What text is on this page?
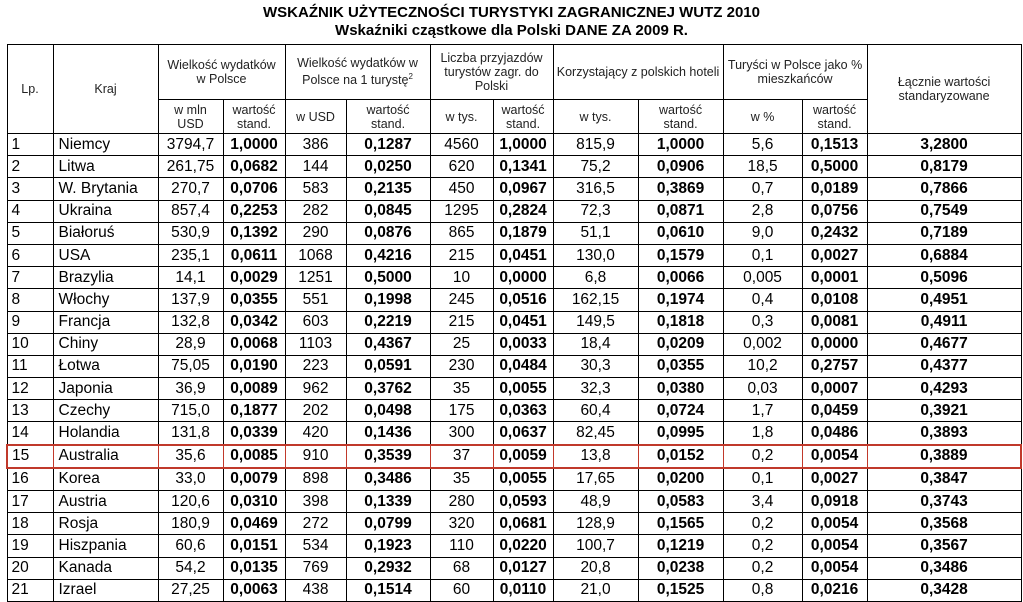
WSKAŹNIK UŻYTECZNOŚCI TURYSTYKI ZAGRANICZNEJ WUTZ 2010
Wskaźniki cząstkowe dla Polski DANE ZA 2009 R.
Lp.	Kraj	Wielkość wydatków w Polsce		Wielkość wydatków w Polsce na 1 turystę$^2$		Liczba przyjazdów turystów zagr. do Polski		Korzystający z polskich hoteli		Turyści w Polsce jako % mieszkańców		Łącznie wartości standaryzowane
		w mln USD	wartość stand.	w USD	wartość stand.	w tys.	wartość stand.	w tys.	wartość stand.	w %	wartość stand.	
1	Niemcy	3794,7	1,0000	386	0,1287	4560	1,0000	815,9	1,0000	5,6	0,1513	3,2800
2	Litwa	261,75	0,0682	144	0,0250	620	0,1341	75,2	0,0906	18,5	0,5000	0,8179
3	W. Brytania	270,7	0,0706	583	0,2135	450	0,0967	316,5	0,3869	0,7	0,0189	0,7866
4	Ukraina	857,4	0,2253	282	0,0845	1295	0,2824	72,3	0,0871	2,8	0,0756	0,7549
5	Białoruś	530,9	0,1392	290	0,0876	865	0,1879	51,1	0,0610	9,0	0,2432	0,7189
6	USA	235,1	0,0611	1068	0,4216	215	0,0451	130,0	0,1579	0,1	0,0027	0,6884
7	Brazylia	14,1	0,0029	1251	0,5000	10	0,0000	6,8	0,0066	0,005	0,0001	0,5096
8	Włochy	137,9	0,0355	551	0,1998	245	0,0516	162,15	0,1974	0,4	0,0108	0,4951
9	Francja	132,8	0,0342	603	0,2219	215	0,0451	149,5	0,1818	0,3	0,0081	0,4911
10	Chiny	28,9	0,0068	1103	0,4367	25	0,0033	18,4	0,0209	0,002	0,0000	0,4677
11	Łotwa	75,05	0,0190	223	0,0591	230	0,0484	30,3	0,0355	10,2	0,2757	0,4377
12	Japonia	36,9	0,0089	962	0,3762	35	0,0055	32,3	0,0380	0,03	0,0007	0,4293
13	Czechy	715,0	0,1877	202	0,0498	175	0,0363	60,4	0,0724	1,7	0,0459	0,3921
14	Holandia	131,8	0,0339	420	0,1436	300	0,0637	82,45	0,0995	1,8	0,0486	0,3893
15	Australia	35,6	0,0085	910	0,3539	37	0,0059	13,8	0,0152	0,2	0,0054	0,3889
16	Korea	33,0	0,0079	898	0,3486	35	0,0055	17,65	0,0200	0,1	0,0027	0,3847
17	Austria	120,6	0,0310	398	0,1339	280	0,0593	48,9	0,0583	3,4	0,0918	0,3743
18	Rosja	180,9	0,0469	272	0,0799	320	0,0681	128,9	0,1565	0,2	0,0054	0,3568
19	Hiszpania	60,6	0,0151	534	0,1923	110	0,0220	100,7	0,1219	0,2	0,0054	0,3567
20	Kanada	54,2	0,0135	769	0,2932	68	0,0127	20,8	0,0238	0,2	0,0054	0,3486
21	Izrael	27,25	0,0063	438	0,1514	60	0,0110	21,0	0,1525	0,8	0,0216	0,3428
